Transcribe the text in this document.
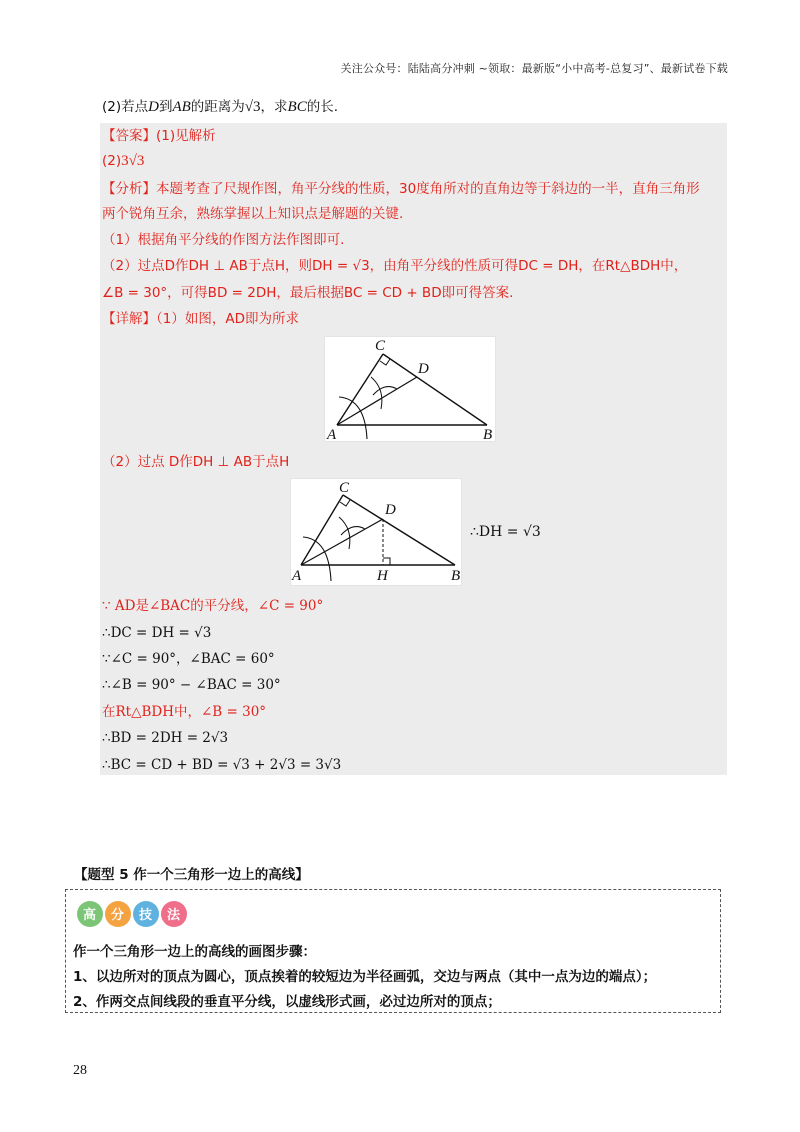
关注公众号：陆陆高分冲刺 ~领取：最新版“小中高考-总复习”、最新试卷下载
(2)若点D到AB的距离为√3，求BC的长.
【答案】(1)见解析
(2)3√3
【分析】本题考查了尺规作图，角平分线的性质，30度角所对的直角边等于斜边的一半，直角三角形
两个锐角互余，熟练掌握以上知识点是解题的关键.
（1）根据角平分线的作图方法作图即可.
（2）过点D作DH ⊥ AB于点H，则DH = √3，由角平分线的性质可得DC = DH，在Rt△BDH中，
∠B = 30°，可得BD = 2DH，最后根据BC = CD + BD即可得答案.
【详解】（1）如图，AD即为所求
A	B
C
D
（2）过点 D作DH ⊥ AB于点H
A	B
C
D
H
∴DH = √3
∵ AD是∠BAC的平分线，∠C = 90°
∴DC = DH = √3
∵∠C = 90°，∠BAC = 60°
∴∠B = 90° − ∠BAC = 30°
在Rt△BDH中，∠B = 30°
∴BD = 2DH = 2√3
∴BC = CD + BD = √3 + 2√3 = 3√3
【题型 5 作一个三角形一边上的高线】
高 分 技 法
作一个三角形一边上的高线的画图步骤：
1、以边所对的顶点为圆心，顶点挨着的较短边为半径画弧，交边与两点（其中一点为边的端点）；
2、作两交点间线段的垂直平分线，以虚线形式画，必过边所对的顶点；
28
